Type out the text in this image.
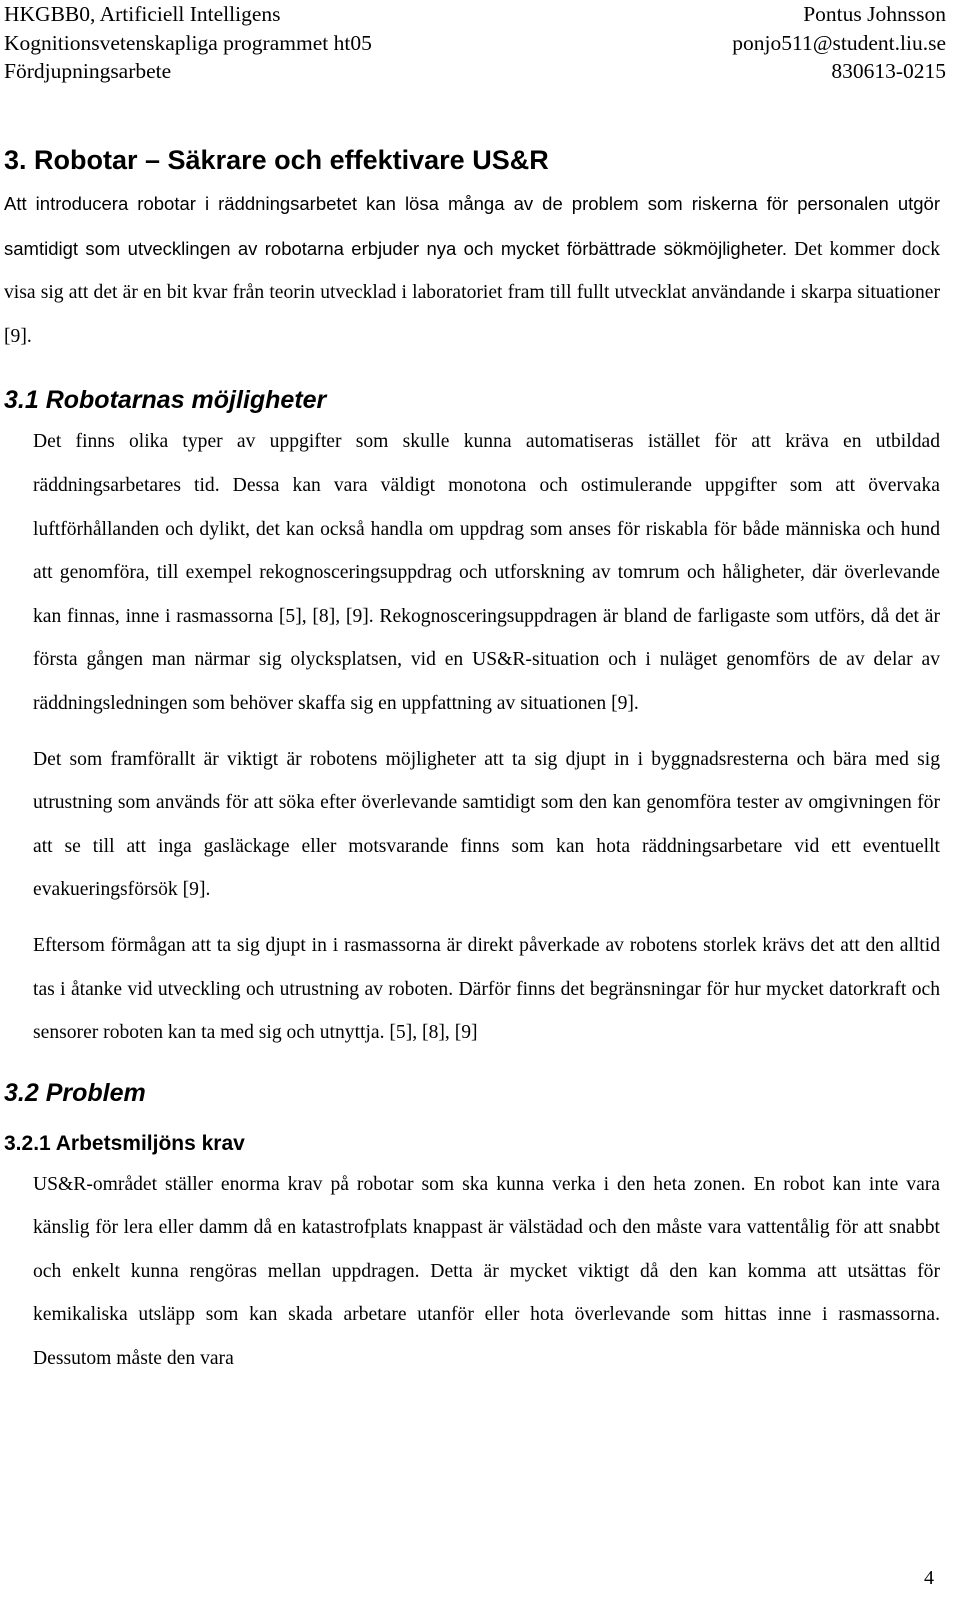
HKGBB0, Artificiell Intelligens	Pontus Johnsson
Kognitionsvetenskapliga programmet ht05	ponjo511@student.liu.se
Fördjupningsarbete	830613-0215
3. Robotar – Säkrare och effektivare US&R

Att introducera robotar i räddningsarbetet kan lösa många av de problem som riskerna för personalen utgör samtidigt som utvecklingen av robotarna erbjuder nya och mycket förbättrade sökmöjligheter. Det kommer dock visa sig att det är en bit kvar från teorin utvecklad i laboratoriet fram till fullt utvecklat användande i skarpa situationer [9].

3.1 Robotarnas möjligheter

Det finns olika typer av uppgifter som skulle kunna automatiseras istället för att kräva en utbildad räddningsarbetares tid. Dessa kan vara väldigt monotona och ostimulerande uppgifter som att övervaka luftförhållanden och dylikt, det kan också handla om uppdrag som anses för riskabla för både människa och hund att genomföra, till exempel rekognosceringsuppdrag och utforskning av tomrum och håligheter, där överlevande kan finnas, inne i rasmassorna [5], [8], [9]. Rekognosceringsuppdragen är bland de farligaste som utförs, då det är första gången man närmar sig olycksplatsen, vid en US&R-situation och i nuläget genomförs de av delar av räddningsledningen som behöver skaffa sig en uppfattning av situationen [9].

Det som framförallt är viktigt är robotens möjligheter att ta sig djupt in i byggnadsresterna och bära med sig utrustning som används för att söka efter överlevande samtidigt som den kan genomföra tester av omgivningen för att se till att inga gasläckage eller motsvarande finns som kan hota räddningsarbetare vid ett eventuellt evakueringsförsök [9].

Eftersom förmågan att ta sig djupt in i rasmassorna är direkt påverkade av robotens storlek krävs det att den alltid tas i åtanke vid utveckling och utrustning av roboten. Därför finns det begränsningar för hur mycket datorkraft och sensorer roboten kan ta med sig och utnyttja. [5], [8], [9]

3.2 Problem
3.2.1 Arbetsmiljöns krav

US&R-området ställer enorma krav på robotar som ska kunna verka i den heta zonen. En robot kan inte vara känslig för lera eller damm då en katastrofplats knappast är välstädad och den måste vara vattentålig för att snabbt och enkelt kunna rengöras mellan uppdragen. Detta är mycket viktigt då den kan komma att utsättas för kemikaliska utsläpp som kan skada arbetare utanför eller hota överlevande som hittas inne i rasmassorna. Dessutom måste den vara

4
